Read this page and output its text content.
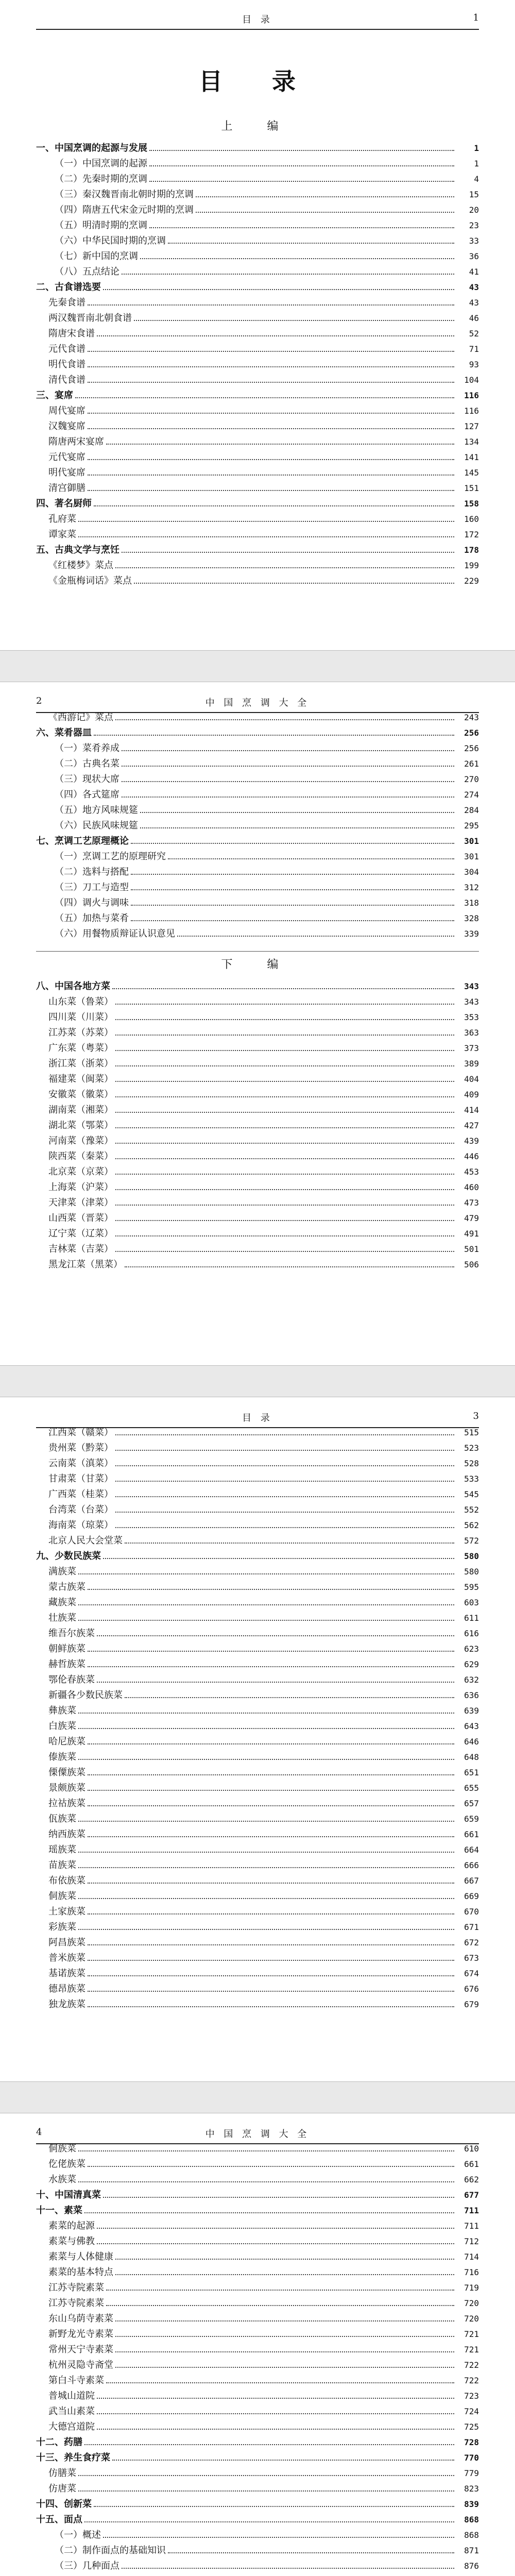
目 录	1
目 录
上 编
一、中国烹调的起源与发展	1
（一）中国烹调的起源	1
（二）先秦时期的烹调	4
（三）秦汉魏晋南北朝时期的烹调	15
（四）隋唐五代宋金元时期的烹调	20
（五）明清时期的烹调	23
（六）中华民国时期的烹调	33
（七）新中国的烹调	36
（八）五点结论	41
二、古食谱选要	43
先秦食谱	43
两汉魏晋南北朝食谱	46
隋唐宋食谱	52
元代食谱	71
明代食谱	93
清代食谱	104
三、宴席	116
周代宴席	116
汉魏宴席	127
隋唐两宋宴席	134
元代宴席	141
明代宴席	145
清宫御膳	151
四、著名厨师	158
孔府菜	160
谭家菜	172
五、古典文学与烹饪	178
《红楼梦》菜点	199
《金瓶梅词话》菜点	229
2	中 国 烹 调 大 全
《西游记》菜点	243
六、菜肴器皿	256
（一）菜肴养成	256
（二）古典名菜	261
（三）现状大席	270
（四）各式筵席	274
（五）地方风味规筵	284
（六）民族风味规筵	295
七、烹调工艺原理概论	301
（一）烹调工艺的原理研究	301
（二）选料与搭配	304
（三）刀工与造型	312
（四）调火与调味	318
（五）加热与菜肴	328
（六）用餐物质辩证认识意见	339
下 编
八、中国各地方菜	343
山东菜（鲁菜）	343
四川菜（川菜）	353
江苏菜（苏菜）	363
广东菜（粤菜）	373
浙江菜（浙菜）	389
福建菜（闽菜）	404
安徽菜（徽菜）	409
湖南菜（湘菜）	414
湖北菜（鄂菜）	427
河南菜（豫菜）	439
陕西菜（秦菜）	446
北京菜（京菜）	453
上海菜（沪菜）	460
天津菜（津菜）	473
山西菜（晋菜）	479
辽宁菜（辽菜）	491
吉林菜（吉菜）	501
黑龙江菜（黑菜）	506
目 录	3
江西菜（赣菜）	515
贵州菜（黔菜）	523
云南菜（滇菜）	528
甘肃菜（甘菜）	533
广西菜（桂菜）	545
台湾菜（台菜）	552
海南菜（琼菜）	562
北京人民大会堂菜	572
九、少数民族菜	580
满族菜	580
蒙古族菜	595
藏族菜	603
壮族菜	611
维吾尔族菜	616
朝鲜族菜	623
赫哲族菜	629
鄂伦春族菜	632
新疆各少数民族菜	636
彝族菜	639
白族菜	643
哈尼族菜	646
傣族菜	648
傈僳族菜	651
景颇族菜	655
拉祜族菜	657
佤族菜	659
纳西族菜	661
瑶族菜	664
苗族菜	666
布依族菜	667
侗族菜	669
土家族菜	670
彩族菜	671
阿昌族菜	672
普米族菜	673
基诺族菜	674
德昂族菜	676
独龙族菜	679
4	中 国 烹 调 大 全
侗族菜	610
仡佬族菜	661
水族菜	662
十、中国清真菜	677
十一、素菜	711
素菜的起源	711
素菜与佛教	712
素菜与人体健康	714
素菜的基本特点	716
江苏寺院素菜	719
江苏寺院素菜	720
东山乌荫寺素菜	720
新野龙光寺素菜	721
常州天宁寺素菜	721
杭州灵隐寺斋堂	722
第白斗寺素菜	722
普城山道院	723
武当山素菜	724
大德宫道院	725
十二、药膳	728
十三、养生食疗菜	770
仿膳菜	779
仿唐菜	823
十四、创新菜	839
十五、面点	868
（一）概述	868
（二）制作面点的基础知识	871
（三）几种面点	876
